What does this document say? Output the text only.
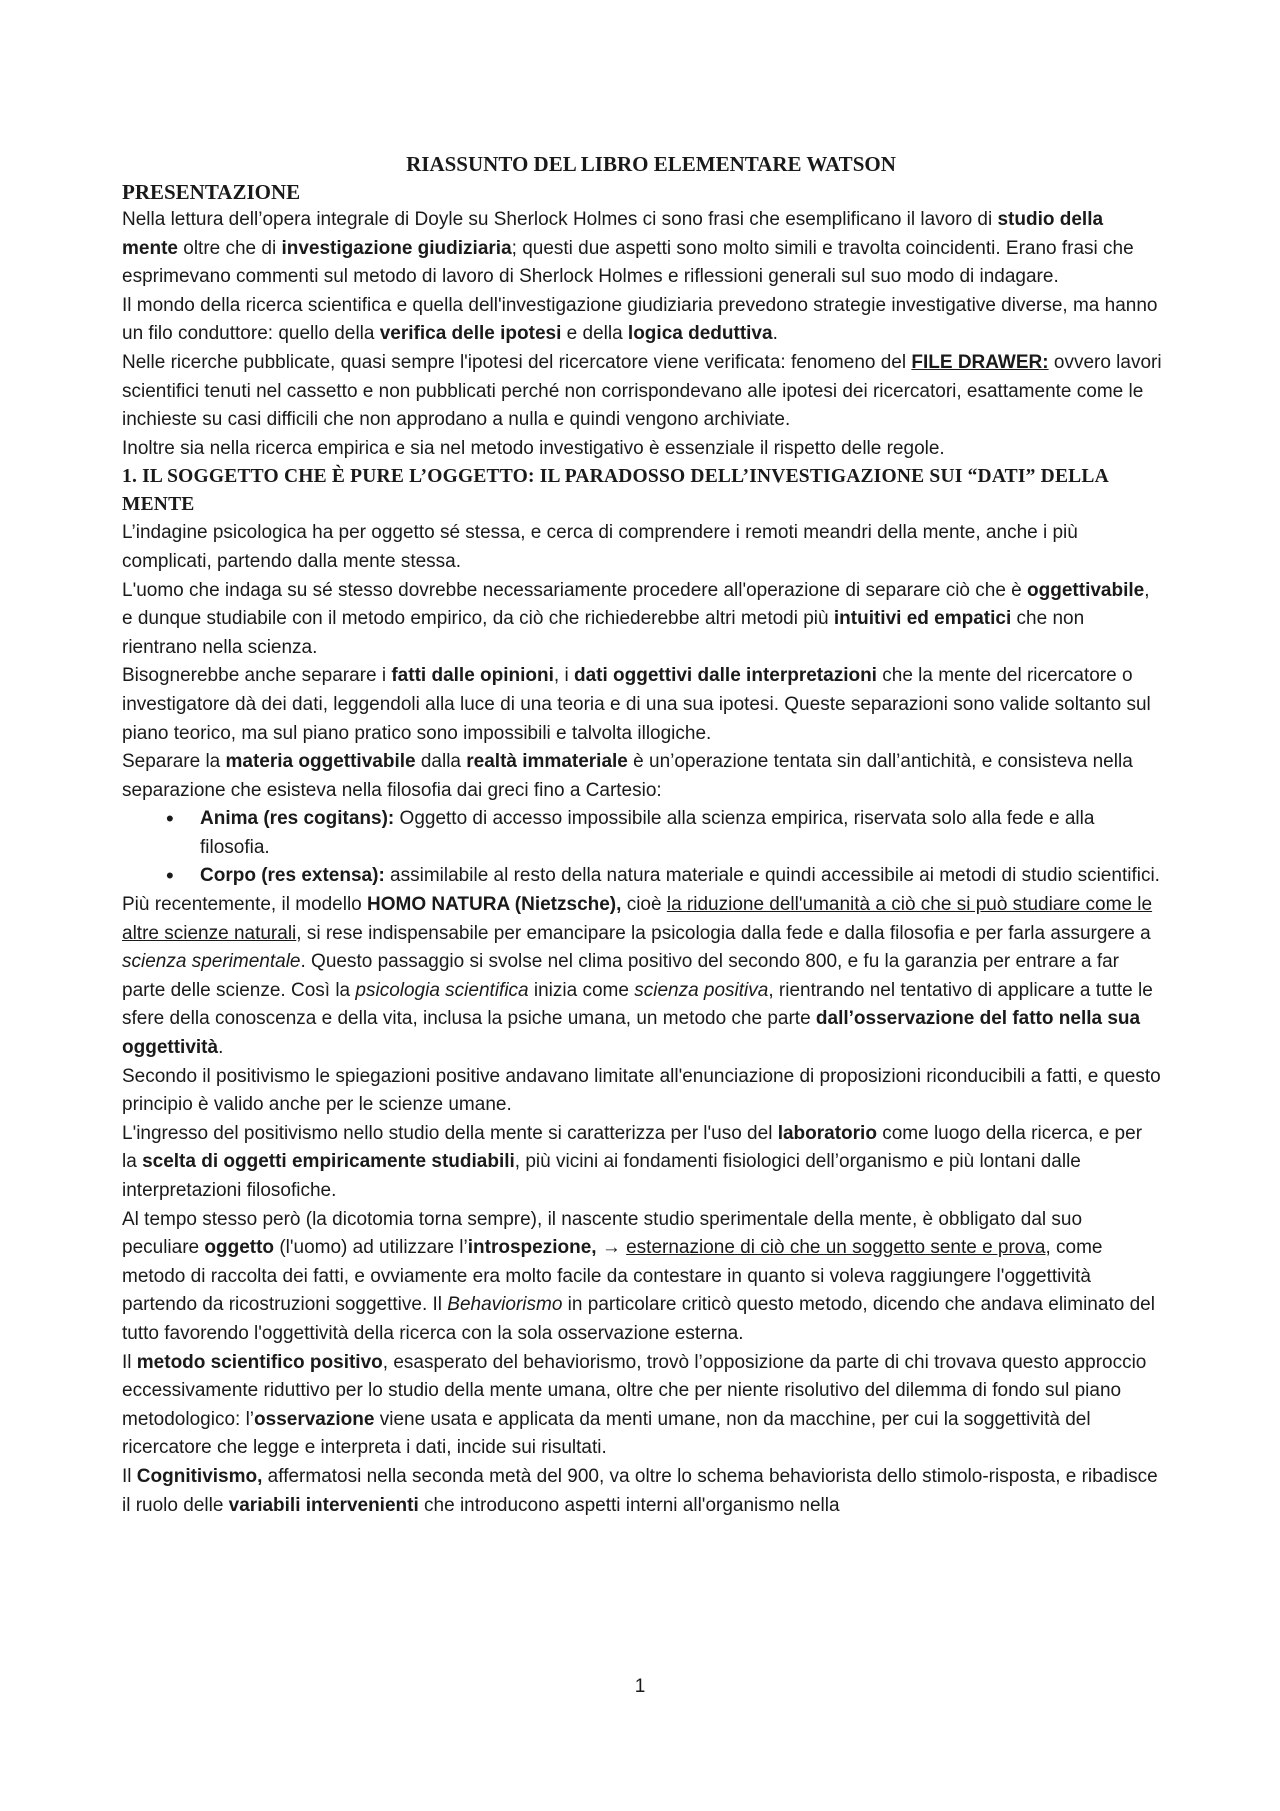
RIASSUNTO DEL LIBRO ELEMENTARE WATSON
PRESENTAZIONE

Nella lettura dell’opera integrale di Doyle su Sherlock Holmes ci sono frasi che esemplificano il lavoro di studio della mente oltre che di investigazione giudiziaria; questi due aspetti sono molto simili e travolta coincidenti. Erano frasi che esprimevano commenti sul metodo di lavoro di Sherlock Holmes e riflessioni generali sul suo modo di indagare.

Il mondo della ricerca scientifica e quella dell'investigazione giudiziaria prevedono strategie investigative diverse, ma hanno un filo conduttore: quello della verifica delle ipotesi e della logica deduttiva.

Nelle ricerche pubblicate, quasi sempre l'ipotesi del ricercatore viene verificata: fenomeno del FILE DRAWER: ovvero lavori scientifici tenuti nel cassetto e non pubblicati perché non corrispondevano alle ipotesi dei ricercatori, esattamente come le inchieste su casi difficili che non approdano a nulla e quindi vengono archiviate.

Inoltre sia nella ricerca empirica e sia nel metodo investigativo è essenziale il rispetto delle regole.

1. IL SOGGETTO CHE È PURE L’OGGETTO: IL PARADOSSO DELL’INVESTIGAZIONE SUI “DATI” DELLA MENTE

L’indagine psicologica ha per oggetto sé stessa, e cerca di comprendere i remoti meandri della mente, anche i più complicati, partendo dalla mente stessa.

L'uomo che indaga su sé stesso dovrebbe necessariamente procedere all'operazione di separare ciò che è oggettivabile, e dunque studiabile con il metodo empirico, da ciò che richiederebbe altri metodi più intuitivi ed empatici che non rientrano nella scienza.

Bisognerebbe anche separare i fatti dalle opinioni, i dati oggettivi dalle interpretazioni che la mente del ricercatore o investigatore dà dei dati, leggendoli alla luce di una teoria e di una sua ipotesi. Queste separazioni sono valide soltanto sul piano teorico, ma sul piano pratico sono impossibili e talvolta illogiche.

Separare la materia oggettivabile dalla realtà immateriale è un’operazione tentata sin dall’antichità, e consisteva nella separazione che esisteva nella filosofia dai greci fino a Cartesio:

• Anima (res cogitans): Oggetto di accesso impossibile alla scienza empirica, riservata solo alla fede e alla filosofia.
• Corpo (res extensa): assimilabile al resto della natura materiale e quindi accessibile ai metodi di studio scientifici.

Più recentemente, il modello HOMO NATURA (Nietzsche), cioè la riduzione dell'umanità a ciò che si può studiare come le altre scienze naturali, si rese indispensabile per emancipare la psicologia dalla fede e dalla filosofia e per farla assurgere a scienza sperimentale. Questo passaggio si svolse nel clima positivo del secondo 800, e fu la garanzia per entrare a far parte delle scienze. Così la psicologia scientifica inizia come scienza positiva, rientrando nel tentativo di applicare a tutte le sfere della conoscenza e della vita, inclusa la psiche umana, un metodo che parte dall’osservazione del fatto nella sua oggettività.

Secondo il positivismo le spiegazioni positive andavano limitate all'enunciazione di proposizioni riconducibili a fatti, e questo principio è valido anche per le scienze umane.

L'ingresso del positivismo nello studio della mente si caratterizza per l'uso del laboratorio come luogo della ricerca, e per la scelta di oggetti empiricamente studiabili, più vicini ai fondamenti fisiologici dell’organismo e più lontani dalle interpretazioni filosofiche.

Al tempo stesso però (la dicotomia torna sempre), il nascente studio sperimentale della mente, è obbligato dal suo peculiare oggetto (l'uomo) ad utilizzare l’introspezione, → esternazione di ciò che un soggetto sente e prova, come metodo di raccolta dei fatti, e ovviamente era molto facile da contestare in quanto si voleva raggiungere l'oggettività partendo da ricostruzioni soggettive. Il Behaviorismo in particolare criticò questo metodo, dicendo che andava eliminato del tutto favorendo l'oggettività della ricerca con la sola osservazione esterna.

Il metodo scientifico positivo, esasperato del behaviorismo, trovò l’opposizione da parte di chi trovava questo approccio eccessivamente riduttivo per lo studio della mente umana, oltre che per niente risolutivo del dilemma di fondo sul piano metodologico: l’osservazione viene usata e applicata da menti umane, non da macchine, per cui la soggettività del ricercatore che legge e interpreta i dati, incide sui risultati.

Il Cognitivismo, affermatosi nella seconda metà del 900, va oltre lo schema behaviorista dello stimolo-risposta, e ribadisce il ruolo delle variabili intervenienti che introducono aspetti interni all'organismo nella

1
